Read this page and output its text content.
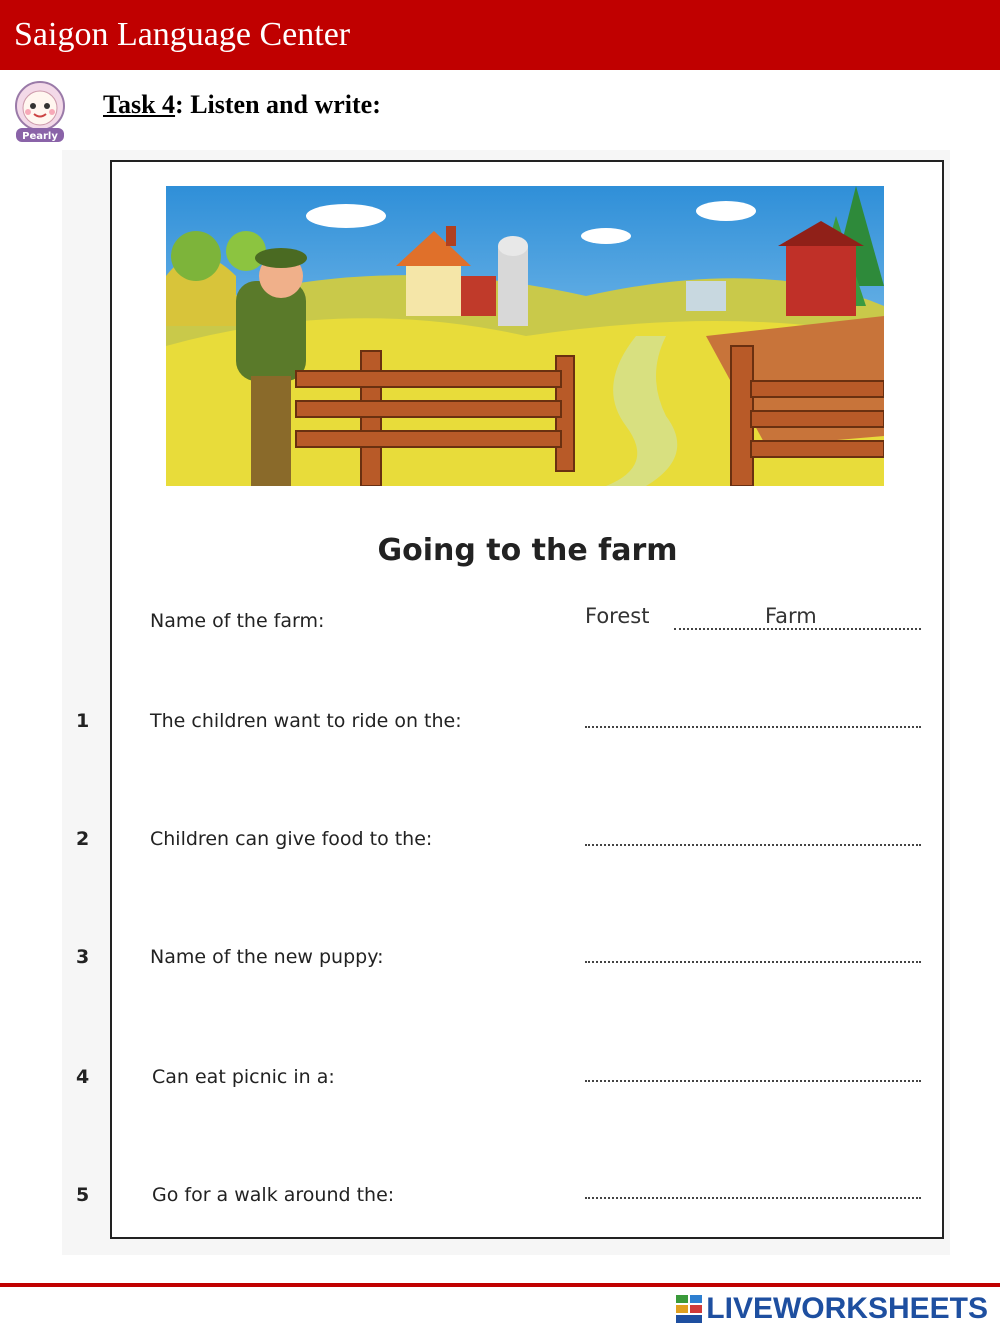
Saigon Language Center
Pearly
Task 4: Listen and write:
Going to the farm
Name of the farm:	Forest	Farm
1	The children want to ride on the:
2	Children can give food to the:
3	Name of the new puppy:
4	Can eat picnic in a:
5	Go for a walk around the:
LIVEWORKSHEETS
